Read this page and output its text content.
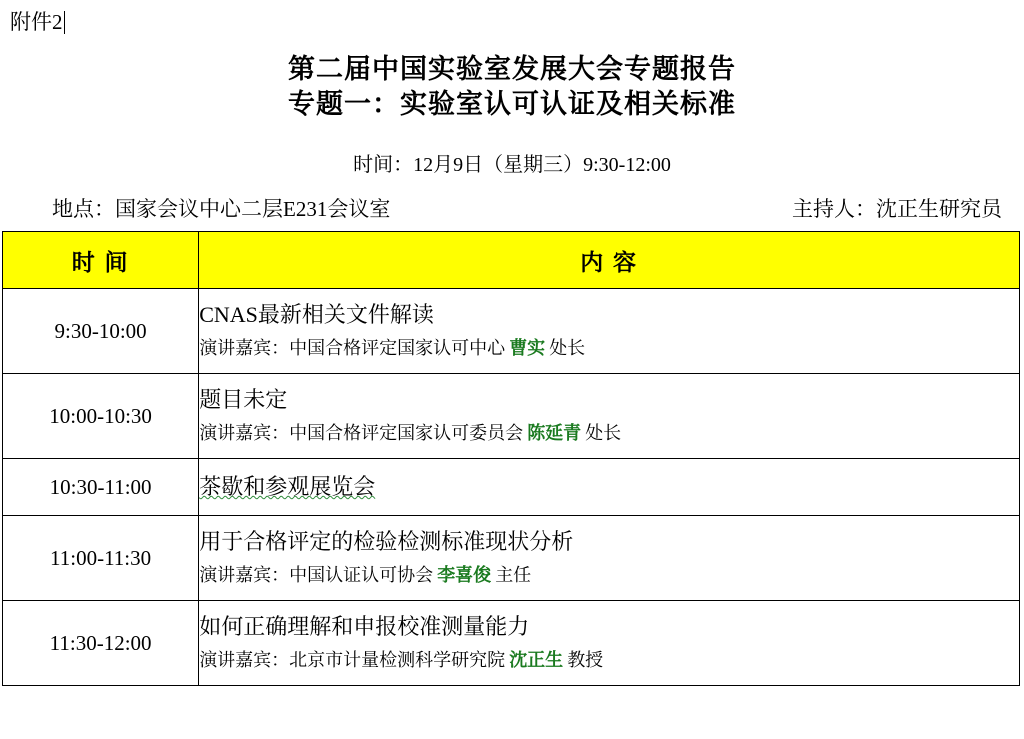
附件2
第二届中国实验室发展大会专题报告
专题一：实验室认可认证及相关标准
时间：12月9日（星期三）9:30-12:00
地点：国家会议中心二层E231会议室	主持人：沈正生研究员
时 间	内 容
9:30-10:00	CNAS最新相关文件解读
演讲嘉宾：中国合格评定国家认可中心 曹实 处长

10:00-10:30	题目未定
演讲嘉宾：中国合格评定国家认可委员会 陈延青 处长

10:30-11:00	茶歇和参观展览会

11:00-11:30	用于合格评定的检验检测标准现状分析
演讲嘉宾：中国认证认可协会 李喜俊 主任

11:30-12:00	如何正确理解和申报校准测量能力
演讲嘉宾：北京市计量检测科学研究院 沈正生 教授
